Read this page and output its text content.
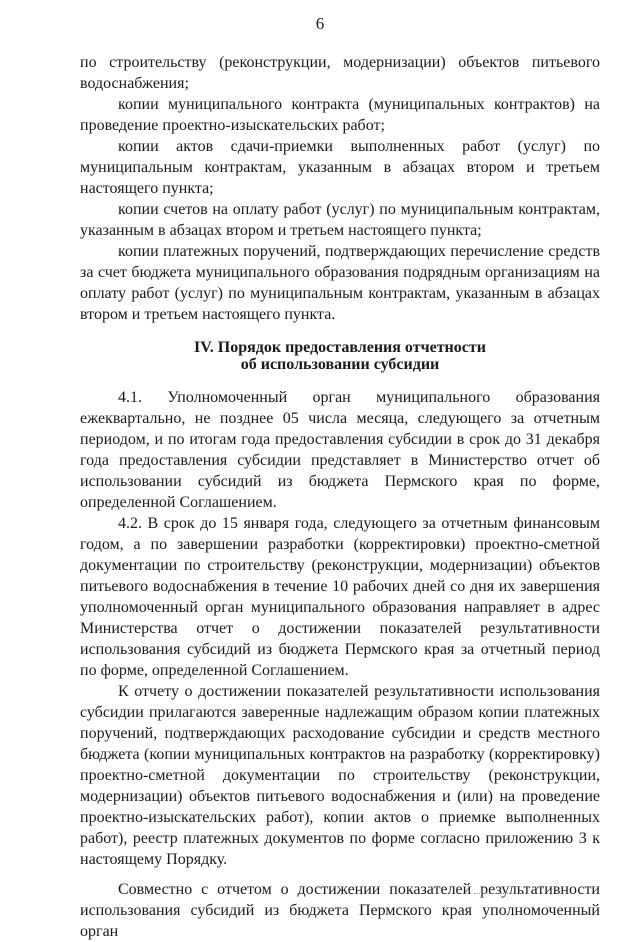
6

по строительству (реконструкции, модернизации) объектов питьевого водоснабжения;

копии муниципального контракта (муниципальных контрактов) на проведение проектно-изыскательских работ;

копии актов сдачи-приемки выполненных работ (услуг) по муниципальным контрактам, указанным в абзацах втором и третьем настоящего пункта;

копии счетов на оплату работ (услуг) по муниципальным контрактам, указанным в абзацах втором и третьем настоящего пункта;

копии платежных поручений, подтверждающих перечисление средств за счет бюджета муниципального образования подрядным организациям на оплату работ (услуг) по муниципальным контрактам, указанным в абзацах втором и третьем настоящего пункта.

IV. Порядок предоставления отчетности
об использовании субсидии

4.1. Уполномоченный орган муниципального образования ежеквартально, не позднее 05 числа месяца, следующего за отчетным периодом, и по итогам года предоставления субсидии в срок до 31 декабря года предоставления субсидии представляет в Министерство отчет об использовании субсидий из бюджета Пермского края по форме, определенной Соглашением.

4.2. В срок до 15 января года, следующего за отчетным финансовым годом, а по завершении разработки (корректировки) проектно-сметной документации по строительству (реконструкции, модернизации) объектов питьевого водоснабжения в течение 10 рабочих дней со дня их завершения уполномоченный орган муниципального образования направляет в адрес Министерства отчет о достижении показателей результативности использования субсидий из бюджета Пермского края за отчетный период по форме, определенной Соглашением.

К отчету о достижении показателей результативности использования субсидии прилагаются заверенные надлежащим образом копии платежных поручений, подтверждающих расходование субсидии и средств местного бюджета (копии муниципальных контрактов на разработку (корректировку) проектно-сметной документации по строительству (реконструкции, модернизации) объектов питьевого водоснабжения и (или) на проведение проектно-изыскательских работ), копии актов о приемке выполненных работ), реестр платежных документов по форме согласно приложению 3 к настоящему Порядку.

Совместно с отчетом о достижении показателей результативности использования субсидий из бюджета Пермского края уполномоченный орган
